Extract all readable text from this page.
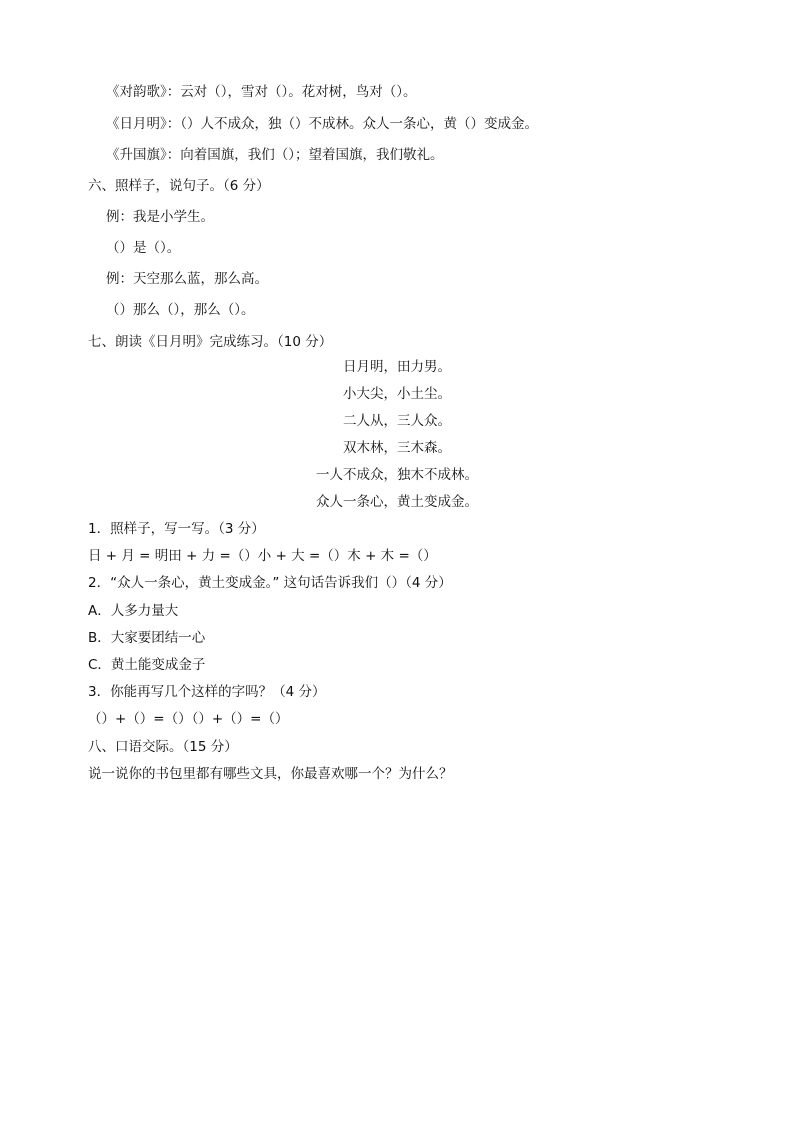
《对韵歌》：云对（），雪对（）。花对树，鸟对（）。
《日月明》：（）人不成众，独（）不成林。众人一条心，黄（）变成金。
《升国旗》：向着国旗，我们（）；望着国旗，我们敬礼。
六、照样子，说句子。（6 分）
例：我是小学生。
（）是（）。
例：天空那么蓝，那么高。
（）那么（），那么（）。
七、朗读《日月明》完成练习。（10 分）
日月明，田力男。
小大尖，小土尘。
二人从，三人众。
双木林，三木森。
一人不成众，独木不成林。
众人一条心，黄土变成金。
1．照样子，写一写。（3 分）
日 + 月 = 明田 + 力 =（）小 + 大 =（）木 + 木 =（）
2．“众人一条心，黄土变成金。” 这句话告诉我们（）（4 分）
A．人多力量大
B．大家要团结一心
C．黄土能变成金子
3．你能再写几个这样的字吗？（4 分）
（）+（）=（）（）+（）=（）
八、口语交际。（15 分）
说一说你的书包里都有哪些文具，你最喜欢哪一个？为什么？
